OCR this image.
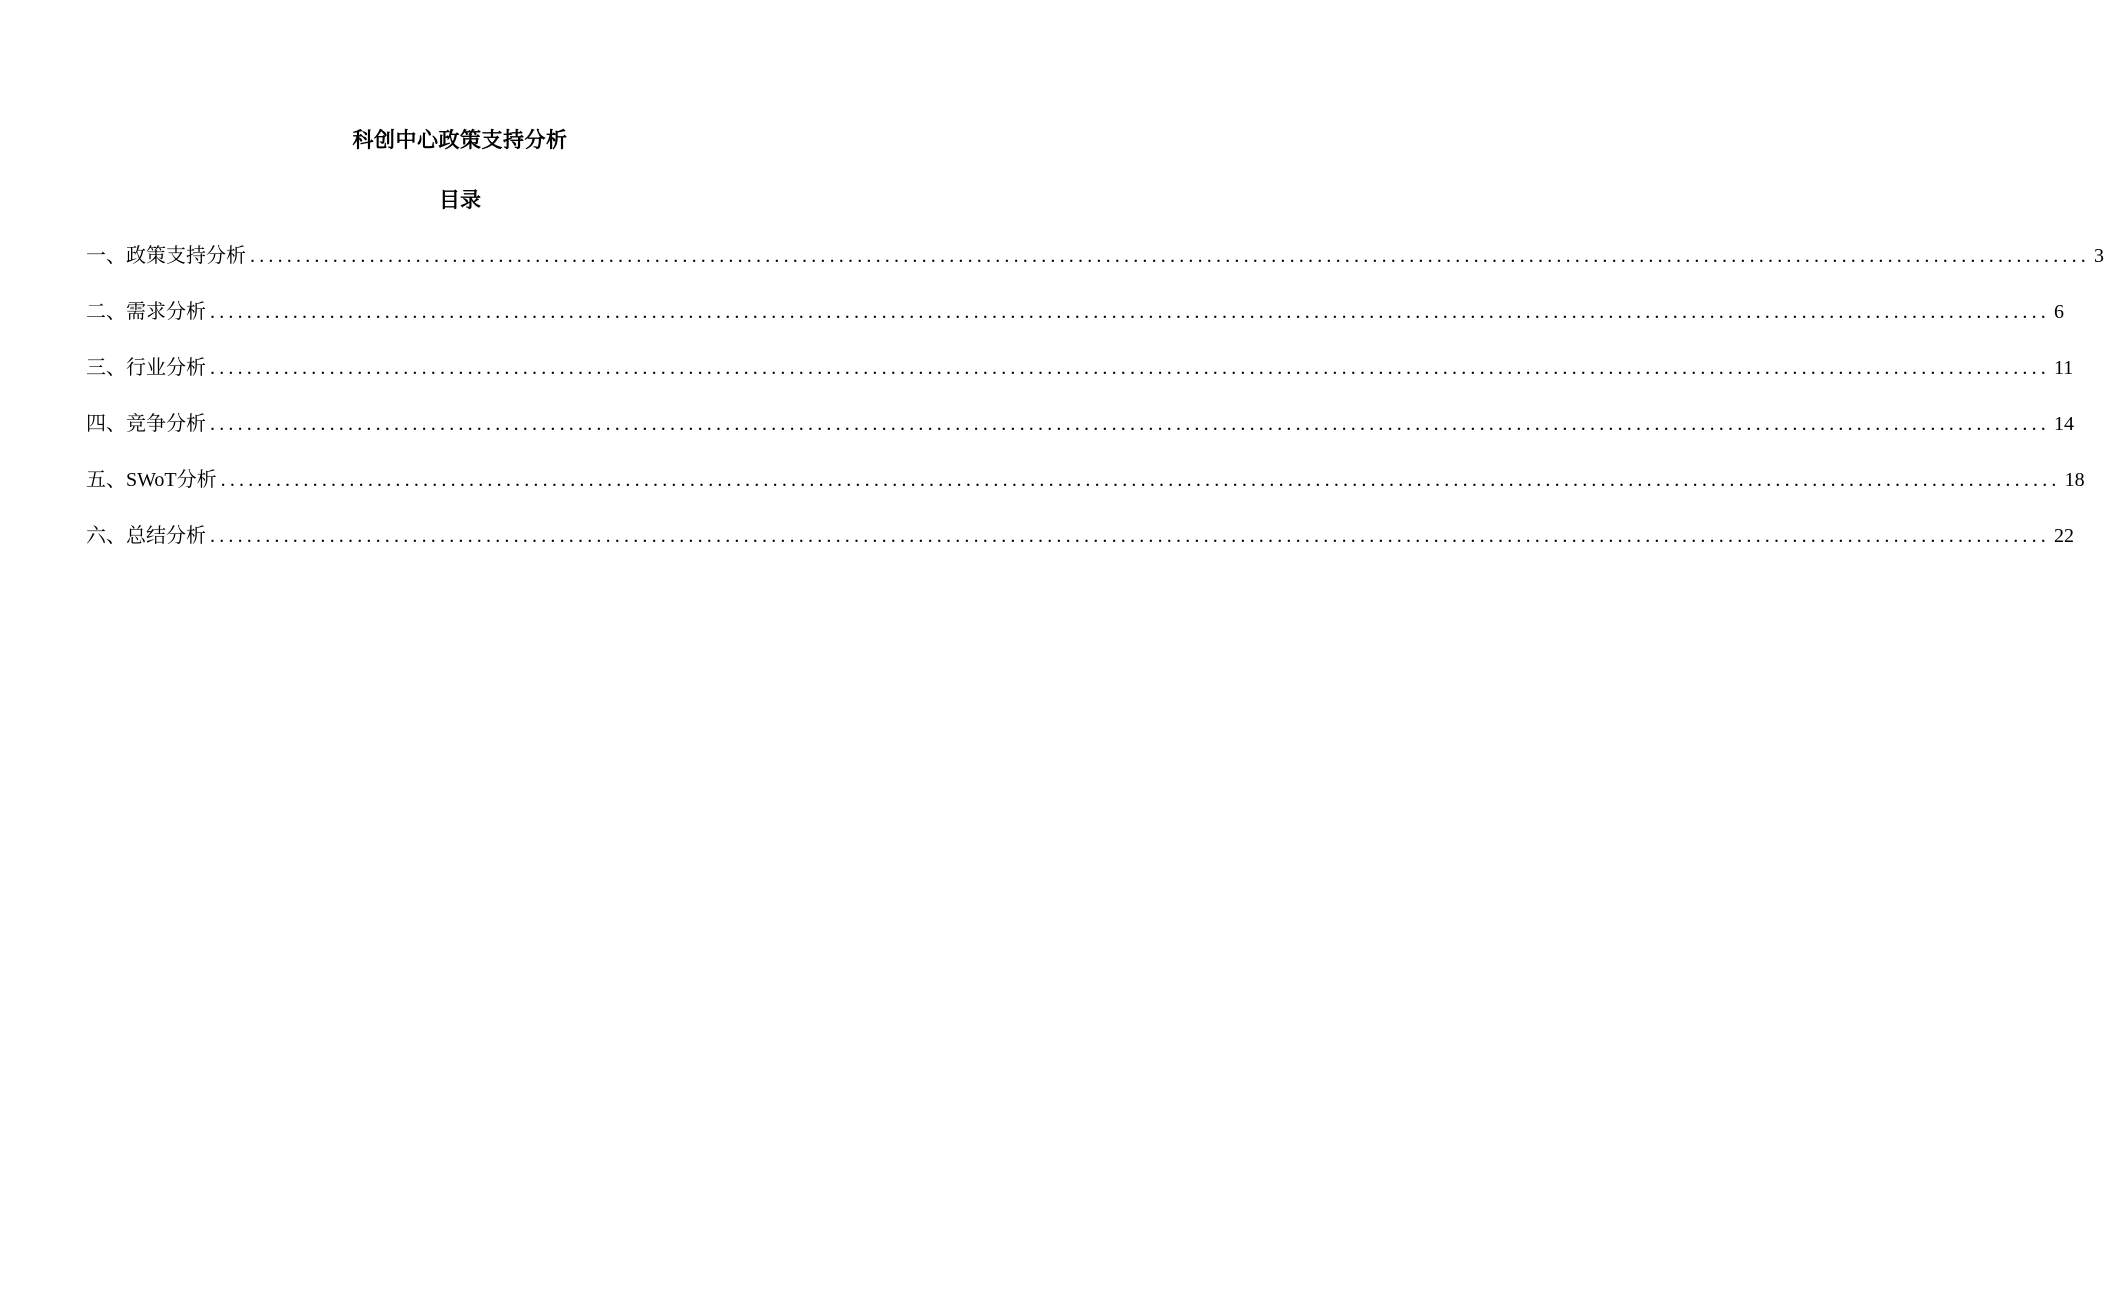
科创中心政策支持分析
目录
一、政策支持分析 ........................................................................................................................................................................................................ 3
二、需求分析 ........................................................................................................................................................................................................ 6
三、行业分析 ........................................................................................................................................................................................................ 11
四、竞争分析 ........................................................................................................................................................................................................ 14
五、SWoT分析 ........................................................................................................................................................................................................ 18
六、总结分析 ........................................................................................................................................................................................................ 22
